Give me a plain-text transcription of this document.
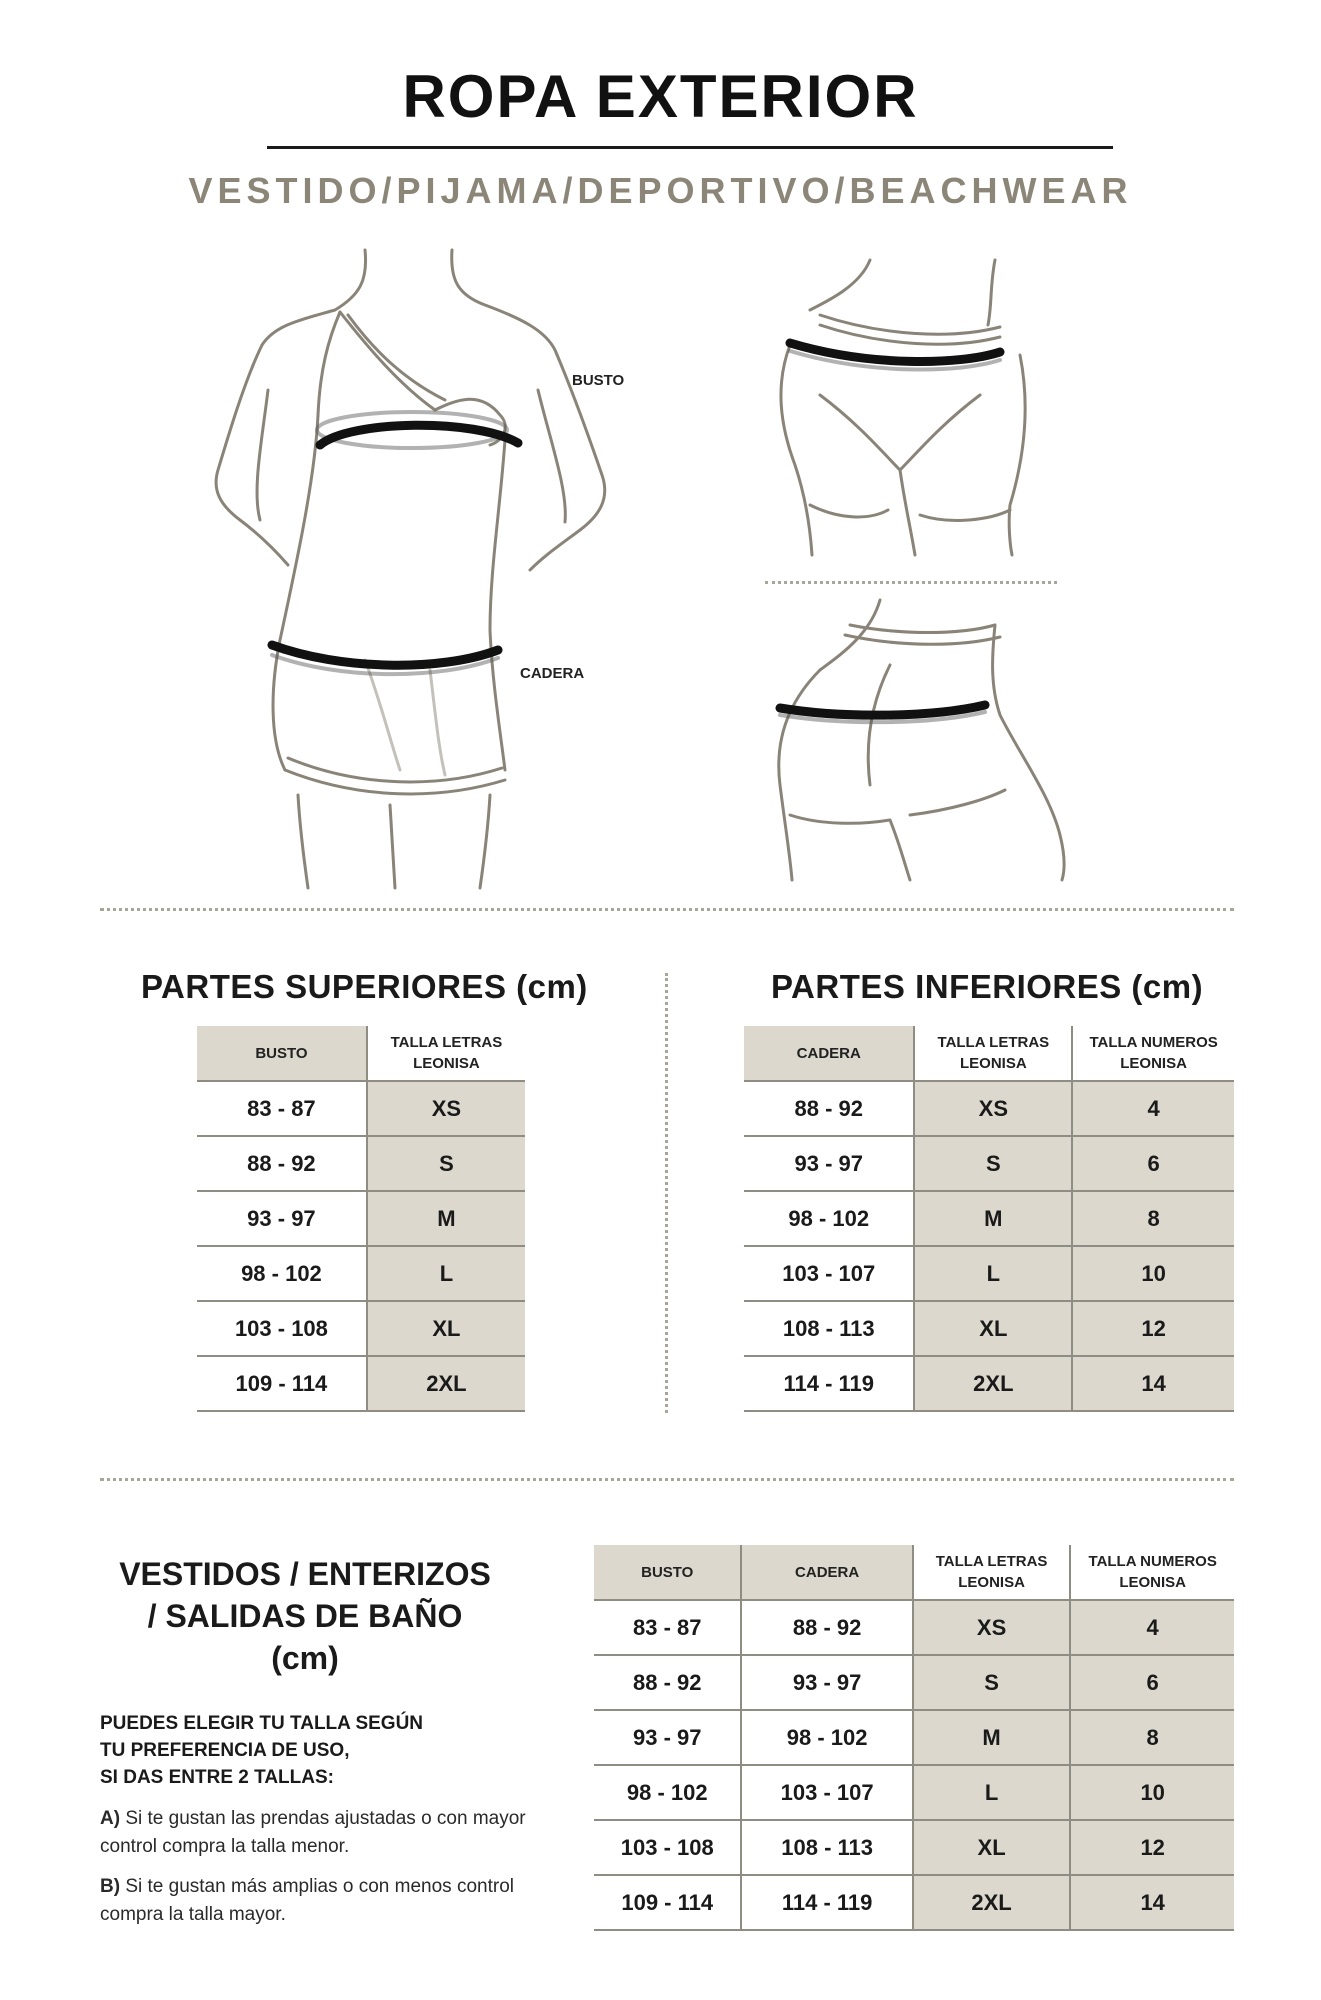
ROPA EXTERIOR
VESTIDO/PIJAMA/DEPORTIVO/BEACHWEAR
BUSTO
CADERA
PARTES SUPERIORES (cm)
BUSTO	TALLA LETRAS LEONISA
83 - 87	XS
88 - 92	S
93 - 97	M
98 - 102	L
103 - 108	XL
109 - 114	2XL
PARTES INFERIORES (cm)
CADERA	TALLA LETRAS LEONISA	TALLA NUMEROS LEONISA
88 - 92	XS	4
93 - 97	S	6
98 - 102	M	8
103 - 107	L	10
108 - 113	XL	12
114 - 119	2XL	14
VESTIDOS / ENTERIZOS
/ SALIDAS DE BAÑO
(cm)
PUEDES ELEGIR TU TALLA SEGÚN
TU PREFERENCIA DE USO,
SI DAS ENTRE 2 TALLAS:
A) Si te gustan las prendas ajustadas o con mayor
control compra la talla menor.
B) Si te gustan más amplias o con menos control
compra la talla mayor.
BUSTO	CADERA	TALLA LETRAS LEONISA	TALLA NUMEROS LEONISA
83 - 87	88 - 92	XS	4
88 - 92	93 - 97	S	6
93 - 97	98 - 102	M	8
98 - 102	103 - 107	L	10
103 - 108	108 - 113	XL	12
109 - 114	114 - 119	2XL	14
